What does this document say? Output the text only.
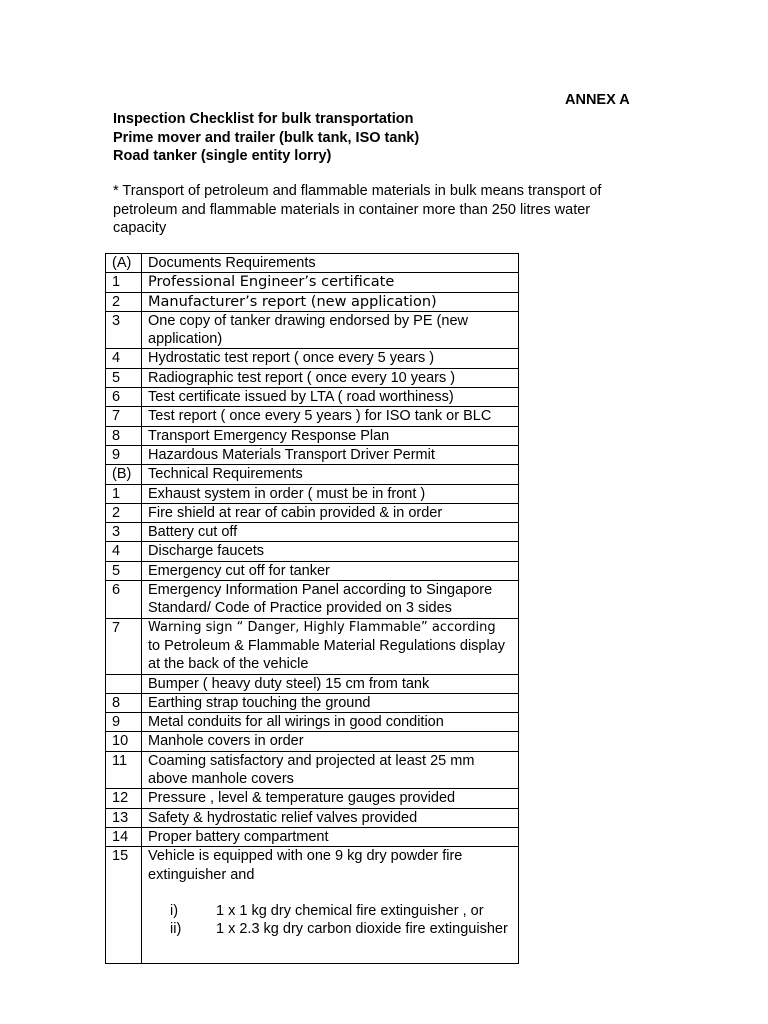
ANNEX A
Inspection Checklist for bulk transportation
Prime mover and trailer (bulk tank, ISO tank)
Road tanker (single entity lorry)
* Transport of petroleum and flammable materials in bulk means transport of petroleum and flammable materials in container more than 250 litres water capacity
(A)	Documents Requirements
1	Professional Engineer’s certificate
2	Manufacturer’s report (new application)
3	One copy of tanker drawing endorsed by PE (new application)
4	Hydrostatic test report ( once every 5 years )
5	Radiographic test report ( once every 10 years )
6	Test certificate issued by LTA ( road worthiness)
7	Test report ( once every 5 years ) for ISO tank or BLC
8	Transport Emergency Response Plan
9	Hazardous Materials Transport Driver Permit
(B)	Technical Requirements
1	Exhaust system in order ( must be in front )
2	Fire shield at rear of cabin provided & in order
3	Battery cut off
4	Discharge faucets
5	Emergency cut off for tanker
6	Emergency Information Panel according to Singapore Standard/ Code of Practice provided on 3 sides
7	Warning sign “ Danger, Highly Flammable” according
to Petroleum & Flammable Material Regulations display at the back of the vehicle

	Bumper ( heavy duty steel) 15 cm from tank
8	Earthing strap touching the ground
9	Metal conduits for all wirings in good condition
10	Manhole covers in order
11	Coaming satisfactory and projected at least 25 mm above manhole covers
12	Pressure , level & temperature gauges provided
13	Safety & hydrostatic relief valves provided
14	Proper battery compartment
15	Vehicle is equipped with one 9 kg dry powder fire extinguisher and
i) 1 x 1 kg dry chemical fire extinguisher , or
ii) 1 x 2.3 kg dry carbon dioxide fire extinguisher
